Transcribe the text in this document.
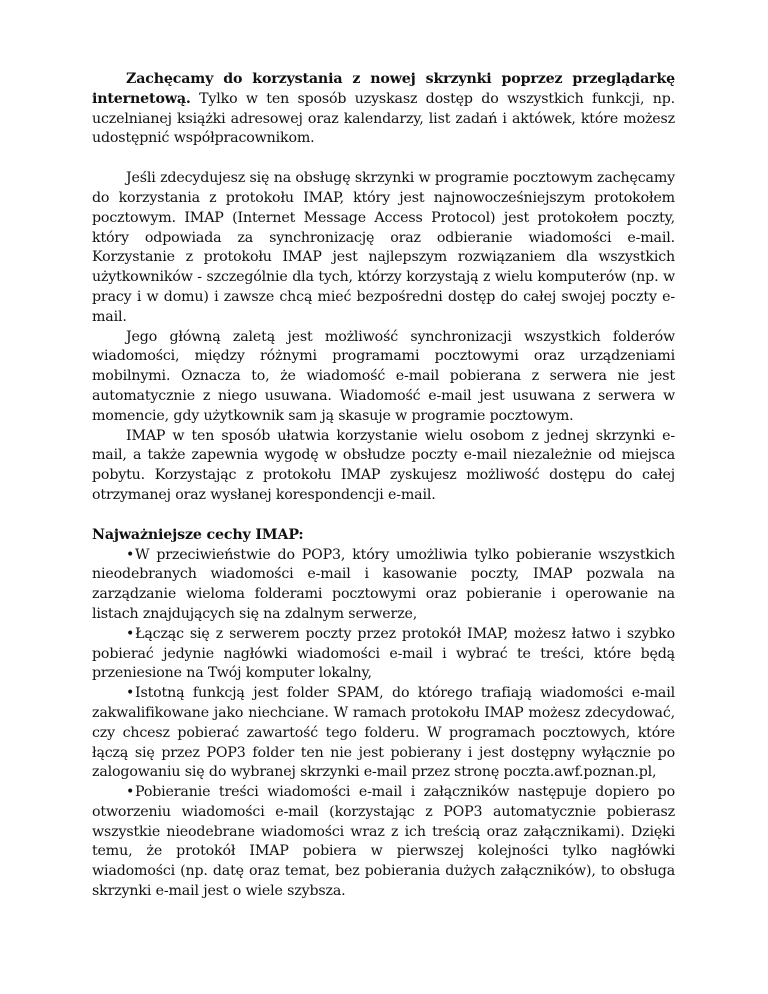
Zachęcamy do korzystania z nowej skrzynki poprzez przeglądarkę internetową. Tylko w ten sposób uzyskasz dostęp do wszystkich funkcji, np. uczelnianej książki adresowej oraz kalendarzy, list zadań i aktówek, które możesz udostępnić współpracownikom.

Jeśli zdecydujesz się na obsługę skrzynki w programie pocztowym zachęcamy do korzystania z protokołu IMAP, który jest najnowocześniejszym protokołem pocztowym. IMAP (Internet Message Access Protocol) jest protokołem poczty, który odpowiada za synchronizację oraz odbieranie wiadomości e-mail. Korzystanie z protokołu IMAP jest najlepszym rozwiązaniem dla wszystkich użytkowników - szczególnie dla tych, którzy korzystają z wielu komputerów (np. w pracy i w domu) i zawsze chcą mieć bezpośredni dostęp do całej swojej poczty e-mail.

Jego główną zaletą jest możliwość synchronizacji wszystkich folderów wiadomości, między różnymi programami pocztowymi oraz urządzeniami mobilnymi. Oznacza to, że wiadomość e-mail pobierana z serwera nie jest automatycznie z niego usuwana. Wiadomość e-mail jest usuwana z serwera w momencie, gdy użytkownik sam ją skasuje w programie pocztowym.

IMAP w ten sposób ułatwia korzystanie wielu osobom z jednej skrzynki e-mail, a także zapewnia wygodę w obsłudze poczty e-mail niezależnie od miejsca pobytu. Korzystając z protokołu IMAP zyskujesz możliwość dostępu do całej otrzymanej oraz wysłanej korespondencji e-mail.

Najważniejsze cechy IMAP:

•W przeciwieństwie do POP3, który umożliwia tylko pobieranie wszystkich nieodebranych wiadomości e-mail i kasowanie poczty, IMAP pozwala na zarządzanie wieloma folderami pocztowymi oraz pobieranie i operowanie na listach znajdujących się na zdalnym serwerze,
•Łącząc się z serwerem poczty przez protokół IMAP, możesz łatwo i szybko pobierać jedynie nagłówki wiadomości e-mail i wybrać te treści, które będą przeniesione na Twój komputer lokalny,
•Istotną funkcją jest folder SPAM, do którego trafiają wiadomości e-mail zakwalifikowane jako niechciane. W ramach protokołu IMAP możesz zdecydować, czy chcesz pobierać zawartość tego folderu. W programach pocztowych, które łączą się przez POP3 folder ten nie jest pobierany i jest dostępny wyłącznie po zalogowaniu się do wybranej skrzynki e-mail przez stronę poczta.awf.poznan.pl,
•Pobieranie treści wiadomości e-mail i załączników następuje dopiero po otworzeniu wiadomości e-mail (korzystając z POP3 automatycznie pobierasz wszystkie nieodebrane wiadomości wraz z ich treścią oraz załącznikami). Dzięki temu, że protokół IMAP pobiera w pierwszej kolejności tylko nagłówki wiadomości (np. datę oraz temat, bez pobierania dużych załączników), to obsługa skrzynki e-mail jest o wiele szybsza.
